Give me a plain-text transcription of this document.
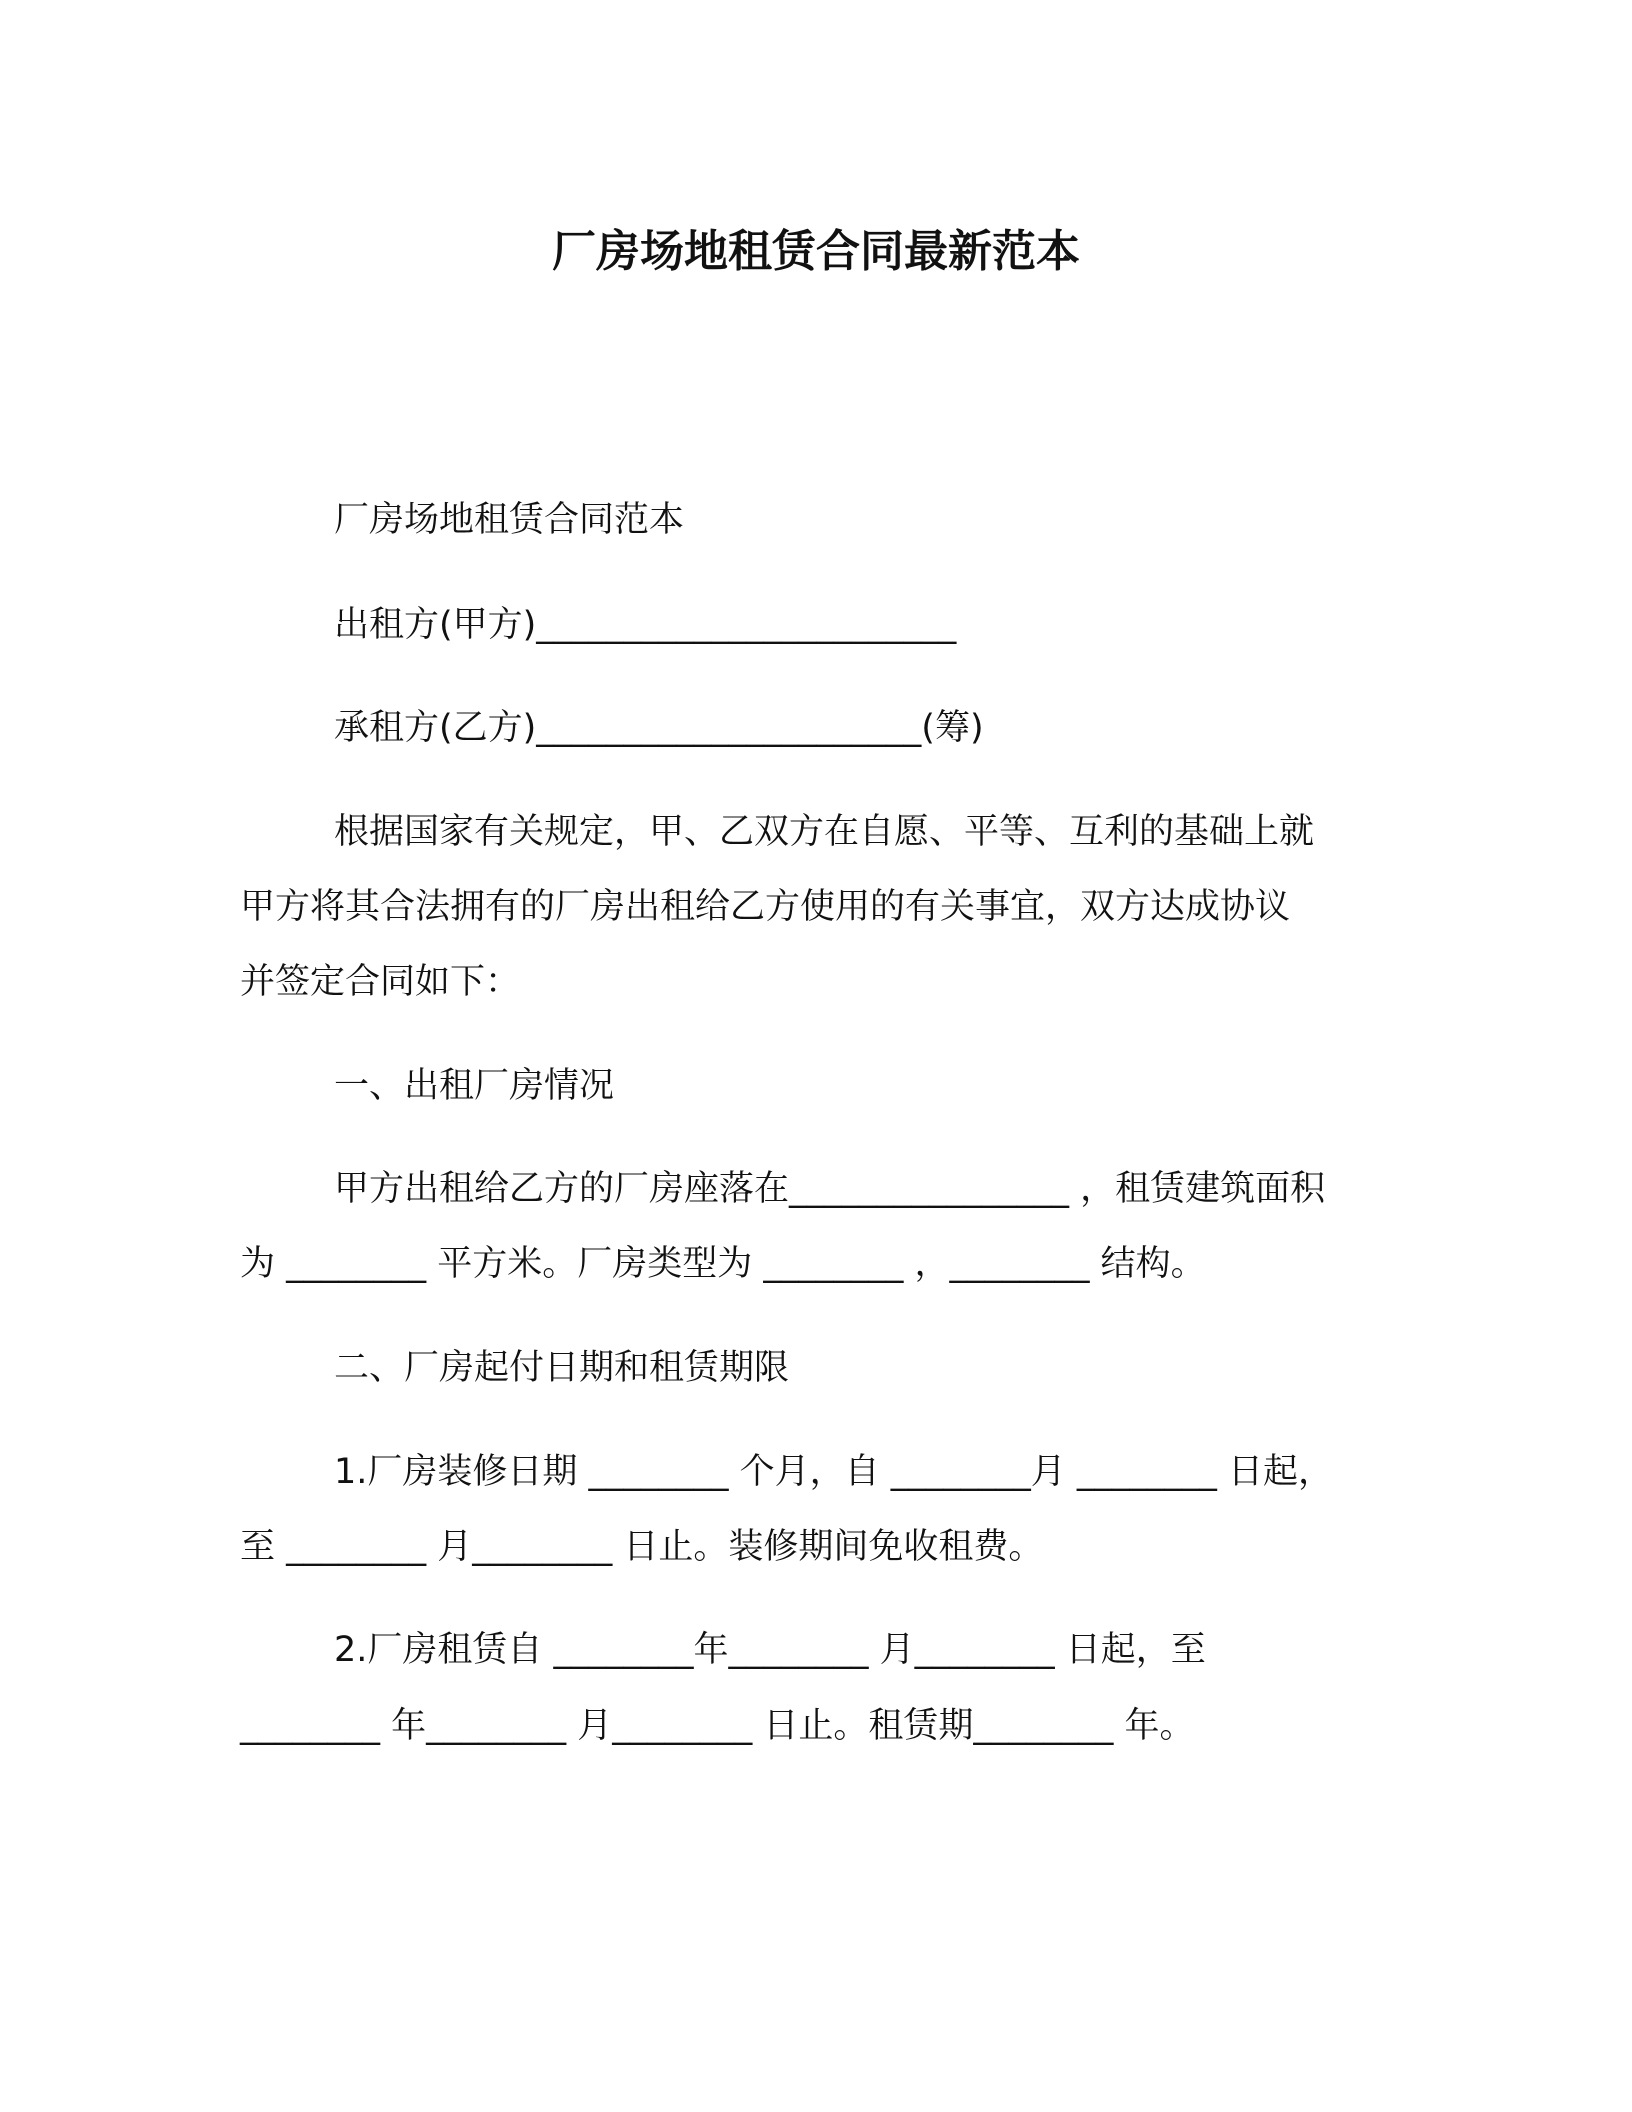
厂房场地租赁合同最新范本
厂房场地租赁合同范本
出租方(甲方)________________________
承租方(乙方)______________________(筹)
根据国家有关规定，甲、乙双方在自愿、平等、互利的基础上就
甲方将其合法拥有的厂房出租给乙方使用的有关事宜，双方达成协议
并签定合同如下：
一、出租厂房情况
甲方出租给乙方的厂房座落在________________ ，租赁建筑面积
为 ________ 平方米。厂房类型为 ________ ，________ 结构。
二、厂房起付日期和租赁期限
1.厂房装修日期 ________ 个月，自 ________月 ________ 日起，
至 ________ 月________ 日止。装修期间免收租费。
2.厂房租赁自 ________年________ 月________ 日起，至
________ 年________ 月________ 日止。租赁期________ 年。
